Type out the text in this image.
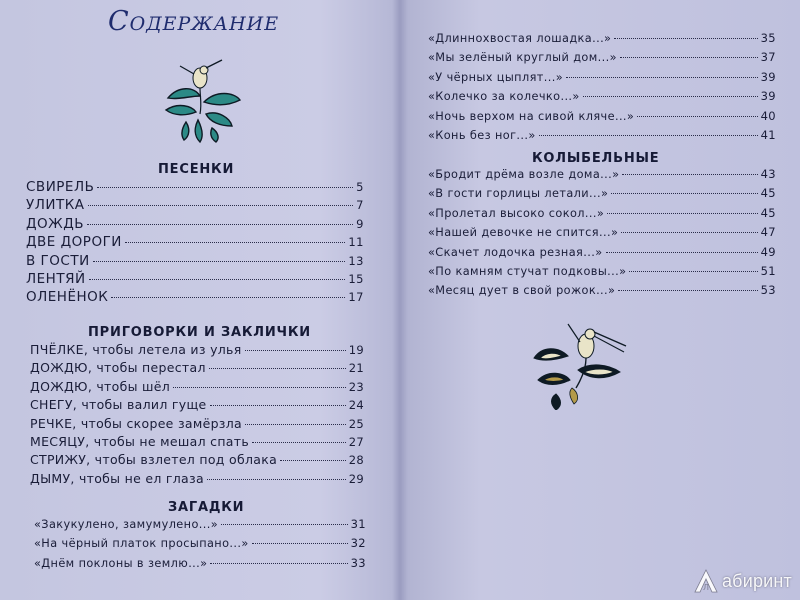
Содержание
ПЕСЕНКИ
СВИРЕЛЬ	5
УЛИТКА	7
ДОЖДЬ	9
ДВЕ ДОРОГИ	11
В ГОСТИ	13
ЛЕНТЯЙ	15
ОЛЕНЁНОК	17
ПРИГОВОРКИ И ЗАКЛИЧКИ
ПЧЁЛКЕ, чтобы летела из улья	19
ДОЖДЮ, чтобы перестал	21
ДОЖДЮ, чтобы шёл	23
СНЕГУ, чтобы валил гуще	24
РЕЧКЕ, чтобы скорее замёрзла	25
МЕСЯЦУ, чтобы не мешал спать	27
СТРИЖУ, чтобы взлетел под облака	28
ДЫМУ, чтобы не ел глаза	29
ЗАГАДКИ
«Закукулено, замумулено...»	31
«На чёрный платок просыпано...»	32
«Днём поклоны в землю...»	33
«Длиннохвостая лошадка...»	35
«Мы зелёный круглый дом...»	37
«У чёрных цыплят...»	39
«Колечко за колечко...»	39
«Ночь верхом на сивой кляче...»	40
«Конь без ног...»	41
КОЛЫБЕЛЬНЫЕ
«Бродит дрёма возле дома...»	43
«В гости горлицы летали...»	45
«Пролетал высоко сокол...»	45
«Нашей девочке не спится...»	47
«Скачет лодочка резная...»	49
«По камням стучат подковы...»	51
«Месяц дует в свой рожок...»	53
Л абиринт
